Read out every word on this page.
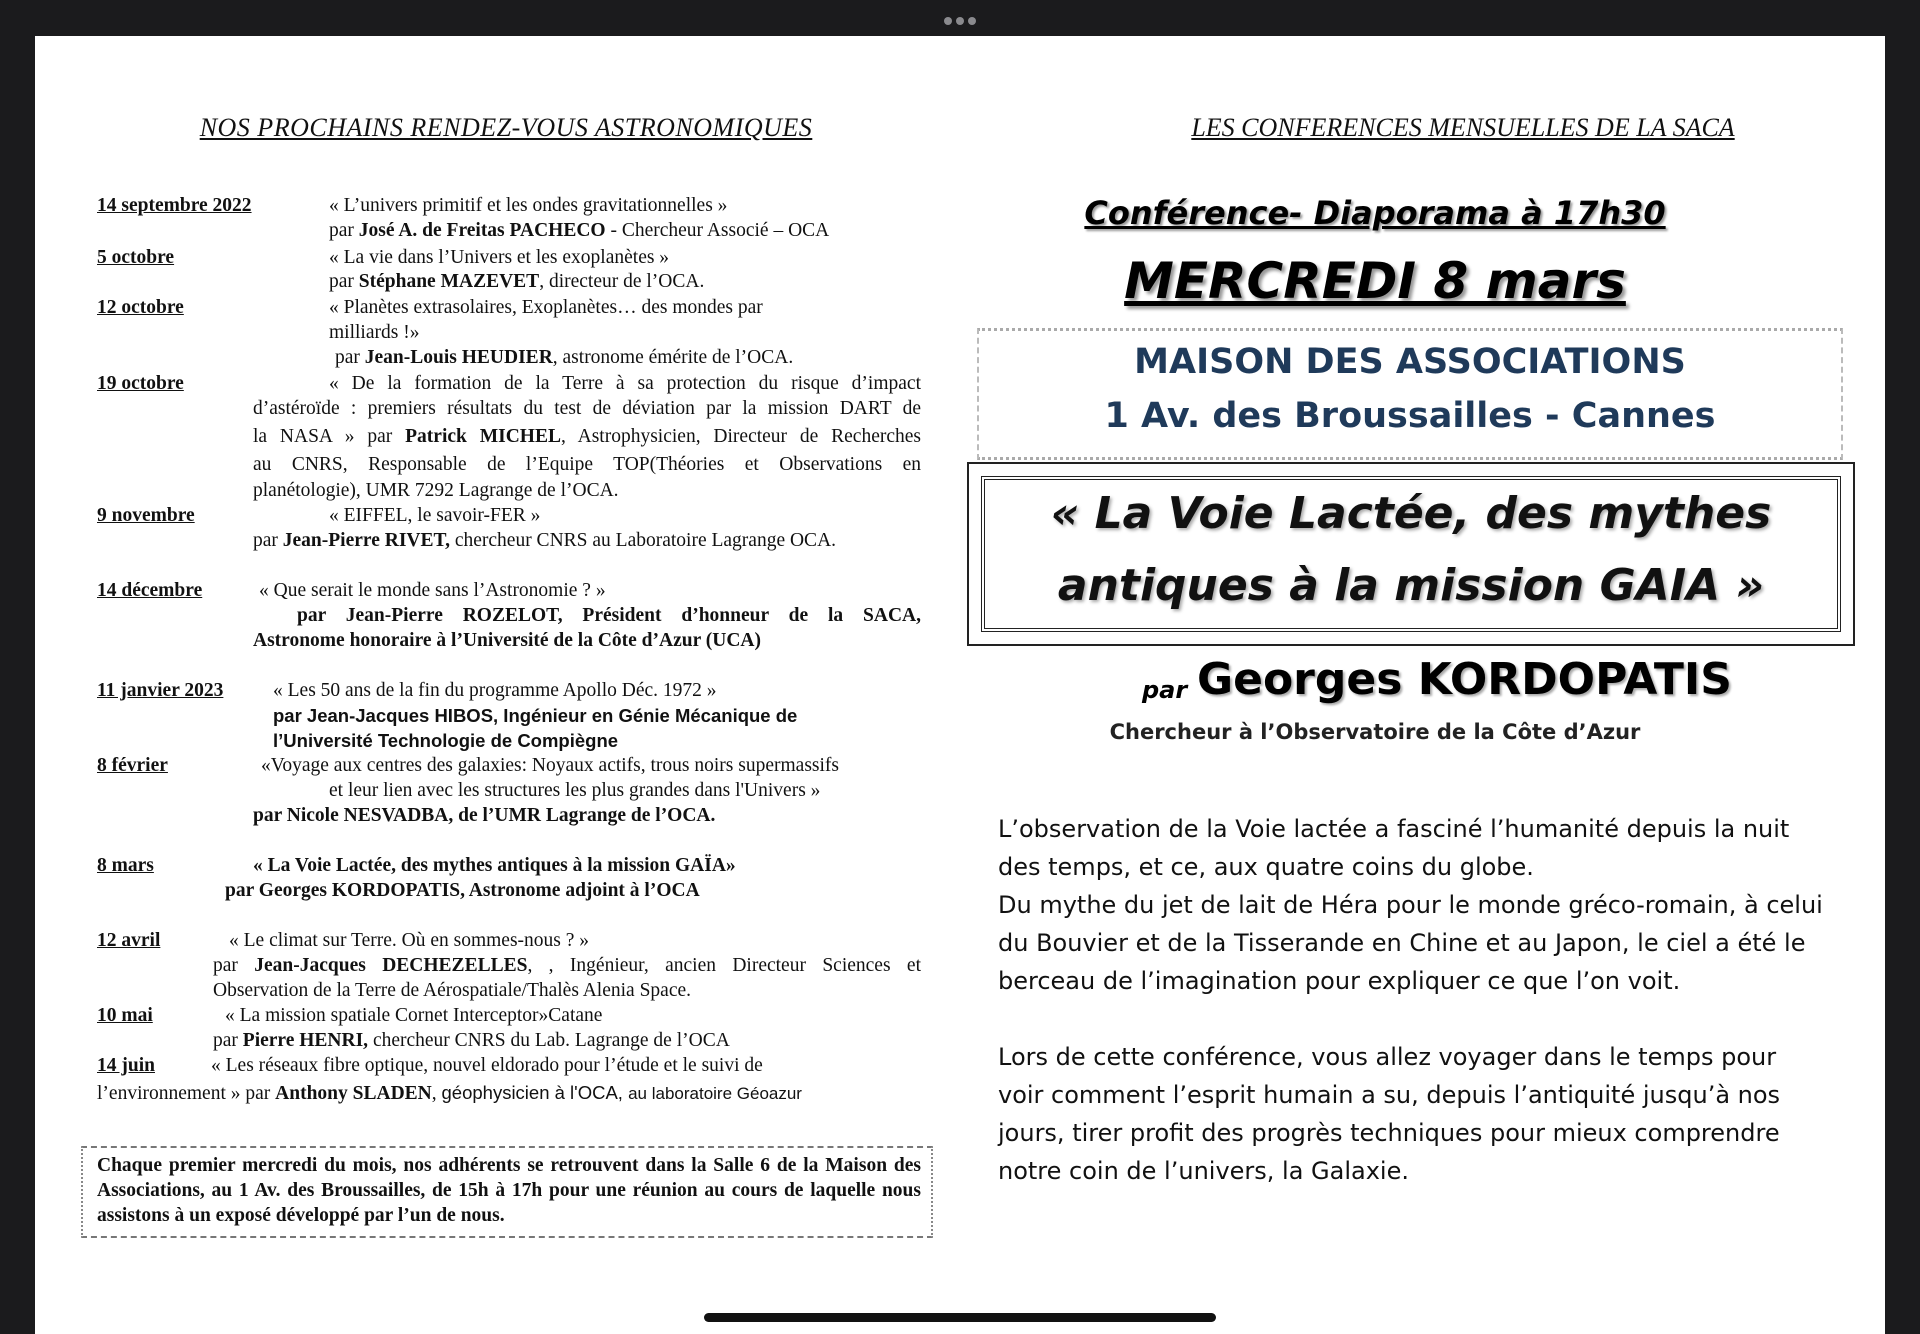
NOS PROCHAINS RENDEZ-VOUS ASTRONOMIQUES
14 septembre 2022	« L’univers primitif et les ondes gravitationnelles »
par José A. de Freitas PACHECO - Chercheur Associé – OCA
5 octobre	« La vie dans l’Univers et les exoplanètes »
par Stéphane MAZEVET, directeur de l’OCA.
12 octobre	« Planètes extrasolaires, Exoplanètes… des mondes par
milliards !»
par Jean-Louis HEUDIER, astronome émérite de l’OCA.
19 octobre	« De la formation de la Terre à sa protection du risque d’impact
d’astéroïde : premiers résultats du test de déviation par la mission DART de
la NASA » par Patrick MICHEL, Astrophysicien, Directeur de Recherches
au CNRS, Responsable de l’Equipe TOP(Théories et Observations en
planétologie), UMR 7292 Lagrange de l’OCA.
9 novembre	« EIFFEL, le savoir-FER »
par Jean-Pierre RIVET, chercheur CNRS au Laboratoire Lagrange OCA.
14 décembre	« Que serait le monde sans l’Astronomie ? »
par Jean-Pierre ROZELOT, Président d’honneur de la SACA,
Astronome honoraire à l’Université de la Côte d’Azur (UCA)
11 janvier 2023	« Les 50 ans de la fin du programme Apollo Déc. 1972 »
par Jean-Jacques HIBOS, Ingénieur en Génie Mécanique de
l’Université Technologie de Compiègne
8 février	«Voyage aux centres des galaxies: Noyaux actifs, trous noirs supermassifs
et leur lien avec les structures les plus grandes dans l'Univers »
par Nicole NESVADBA, de l’UMR Lagrange de l’OCA.
8 mars	« La Voie Lactée, des mythes antiques à la mission GAÏA»
par Georges KORDOPATIS, Astronome adjoint à l’OCA
12 avril	« Le climat sur Terre. Où en sommes-nous ? »
par Jean-Jacques DECHEZELLES, , Ingénieur, ancien Directeur Sciences et
Observation de la Terre de Aérospatiale/Thalès Alenia Space.
10 mai	« La mission spatiale Cornet Interceptor»Catane
par Pierre HENRI, chercheur CNRS du Lab. Lagrange de l’OCA
14 juin	« Les réseaux fibre optique, nouvel eldorado pour l’étude et le suivi de
l’environnement » par Anthony SLADEN, géophysicien à l'OCA, au laboratoire Géoazur
Chaque premier mercredi du mois, nos adhérents se retrouvent dans la Salle 6 de la Maison des Associations, au 1 Av. des Broussailles, de 15h à 17h pour une réunion au cours de laquelle nous assistons à un exposé développé par l’un de nous.
LES CONFERENCES MENSUELLES DE LA SACA
Conférence- Diaporama à 17h30
MERCREDI 8 mars
MAISON DES ASSOCIATIONS
1 Av. des Broussailles - Cannes
« La Voie Lactée, des mythes
antiques à la mission GAIA »
par Georges KORDOPATIS
Chercheur à l’Observatoire de la Côte d’Azur
L’observation de la Voie lactée a fasciné l’humanité depuis la nuit des temps, et ce, aux quatre coins du globe.
Du mythe du jet de lait de Héra pour le monde gréco-romain, à celui du Bouvier et de la Tisserande en Chine et au Japon, le ciel a été le berceau de l’imagination pour expliquer ce que l’on voit.
Lors de cette conférence, vous allez voyager dans le temps pour voir comment l’esprit humain a su, depuis l’antiquité jusqu’à nos jours, tirer profit des progrès techniques pour mieux comprendre notre coin de l’univers, la Galaxie.
